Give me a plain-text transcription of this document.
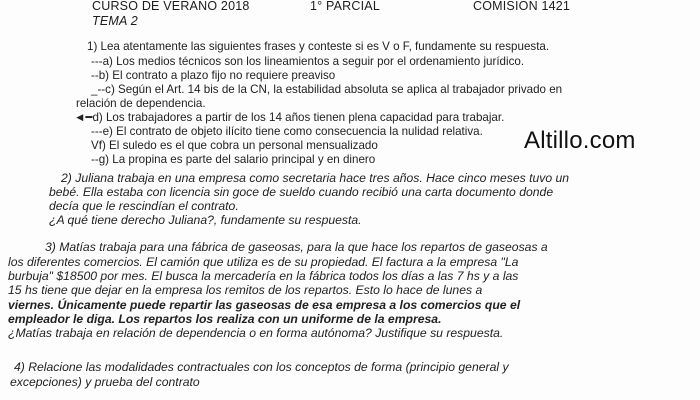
CURSO DE VERANO 2018	1° PARCIAL	COMISION 1421
TEMA 2
1) Lea atentamente las siguientes frases y conteste si es V o F, fundamente su respuesta.
---a) Los medios técnicos son los lineamientos a seguir por el ordenamiento jurídico.
--b) El contrato a plazo fijo no requiere preaviso
_--c) Según el Art. 14 bis de la CN, la estabilidad absoluta se aplica al trabajador privado en
relación de dependencia.
◄━d) Los trabajadores a partir de los 14 años tienen plena capacidad para trabajar.
---e) El contrato de objeto ilícito tiene como consecuencia la nulidad relativa.
Vf) El suledo es el que cobra un personal mensualizado
--g) La propina es parte del salario principal y en dinero
Altillo.com
2) Juliana trabaja en una empresa como secretaria hace tres años. Hace cinco meses tuvo un
bebé. Ella estaba con licencia sin goce de sueldo cuando recibió una carta documento donde
decía que le rescindían el contrato.
¿A qué tiene derecho Juliana?, fundamente su respuesta.
3) Matías trabaja para una fábrica de gaseosas, para la que hace los repartos de gaseosas a
los diferentes comercios. El camión que utiliza es de su propiedad. El factura a la empresa "La
burbuja" $18500 por mes. El busca la mercadería en la fábrica todos los días a las 7 hs y a las
15 hs tiene que dejar en la empresa los remitos de los repartos. Esto lo hace de lunes a
viernes. Únicamente puede repartir las gaseosas de esa empresa a los comercios que el
empleador le diga. Los repartos los realiza con un uniforme de la empresa.
¿Matías trabaja en relación de dependencia o en forma autónoma? Justifique su respuesta.
4) Relacione las modalidades contractuales con los conceptos de forma (principio general y
excepciones) y prueba del contrato
